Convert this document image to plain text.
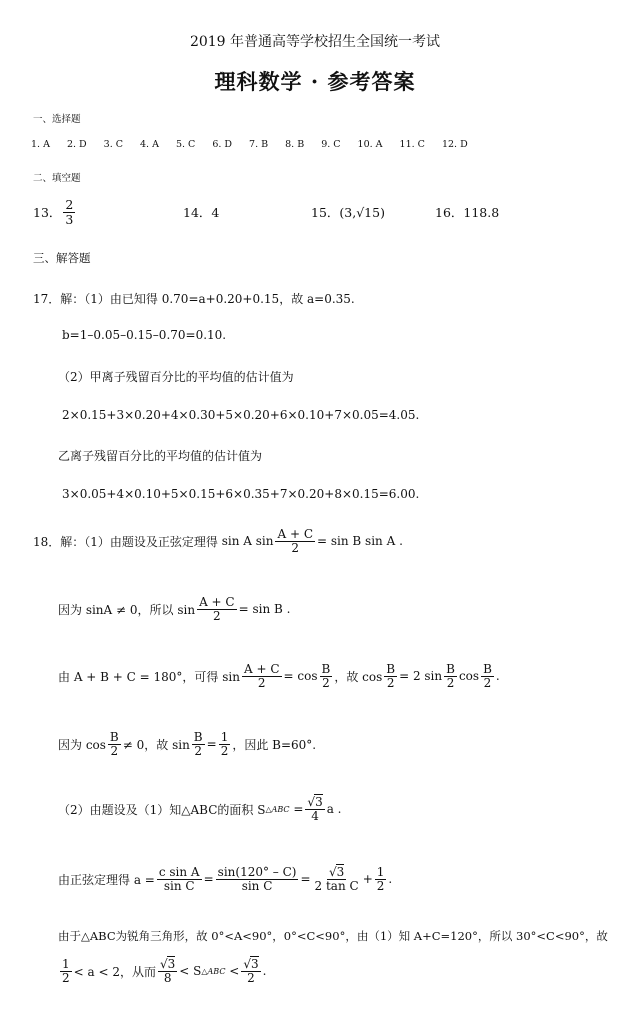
2019 年普通高等学校招生全国统一考试
理科数学 · 参考答案
一、选择题
1. A 2. D 3. C 4. A 5. C 6. D 7. B 8. B 9. C 10. A 11. C 12. D
二、填空题
13． $\frac{2}{3}$	14．4	15． (3,√15)	16．118.8
三、解答题
17．解：（1）由已知得 0.70=a+0.20+0.15，故 a=0.35.
b=1–0.05–0.15–0.70=0.10.
（2）甲离子残留百分比的平均值的估计值为
2×0.15+3×0.20+4×0.30+5×0.20+6×0.10+7×0.05=4.05.
乙离子残留百分比的平均值的估计值为
3×0.05+4×0.10+5×0.15+6×0.35+7×0.20+8×0.15=6.00.
18．解：（1）由题设及正弦定理得
sin A $\sin \frac{A + C}{2} = \sin B$ sin A .
因为 sinA ≠ 0，所以 $\sin \frac{A + C}{2} = \sin B$ .
由 A + B + C = 180°，可得 $\sin \frac{A + C}{2} = \cos \frac{B}{2}$ ，故 $\cos \frac{B}{2} = 2$ $\sin \frac{B}{2}$ $\cos \frac{B}{2}$ .
因为 $\cos \frac{B}{2} \ne 0$，故 $\sin \frac{B}{2} = \frac{1}{2}$ ，因此 B=60°.
（2）由题设及（1）知△ABC的面积 S △ABC
= $\frac{√3}{4}$ a .
由正弦定理得 $a = \frac{\text{c sin A}}{\text{sin C}} = \frac{\sin(120^\circ - C)}{\text{sin C}} = \frac{√3}{\text{2 tan C}} + \frac{1}{2}$ .
由于△ABC为锐角三角形，故 0°<A<90°，0°<C<90°，由（1）知 A+C=120°，所以 30°<C<90°，故
$\frac{1}{2} < a < 2$，从而 $\frac{√3}{8} < S$ △ABC
< $\frac{√3}{2}$ .
